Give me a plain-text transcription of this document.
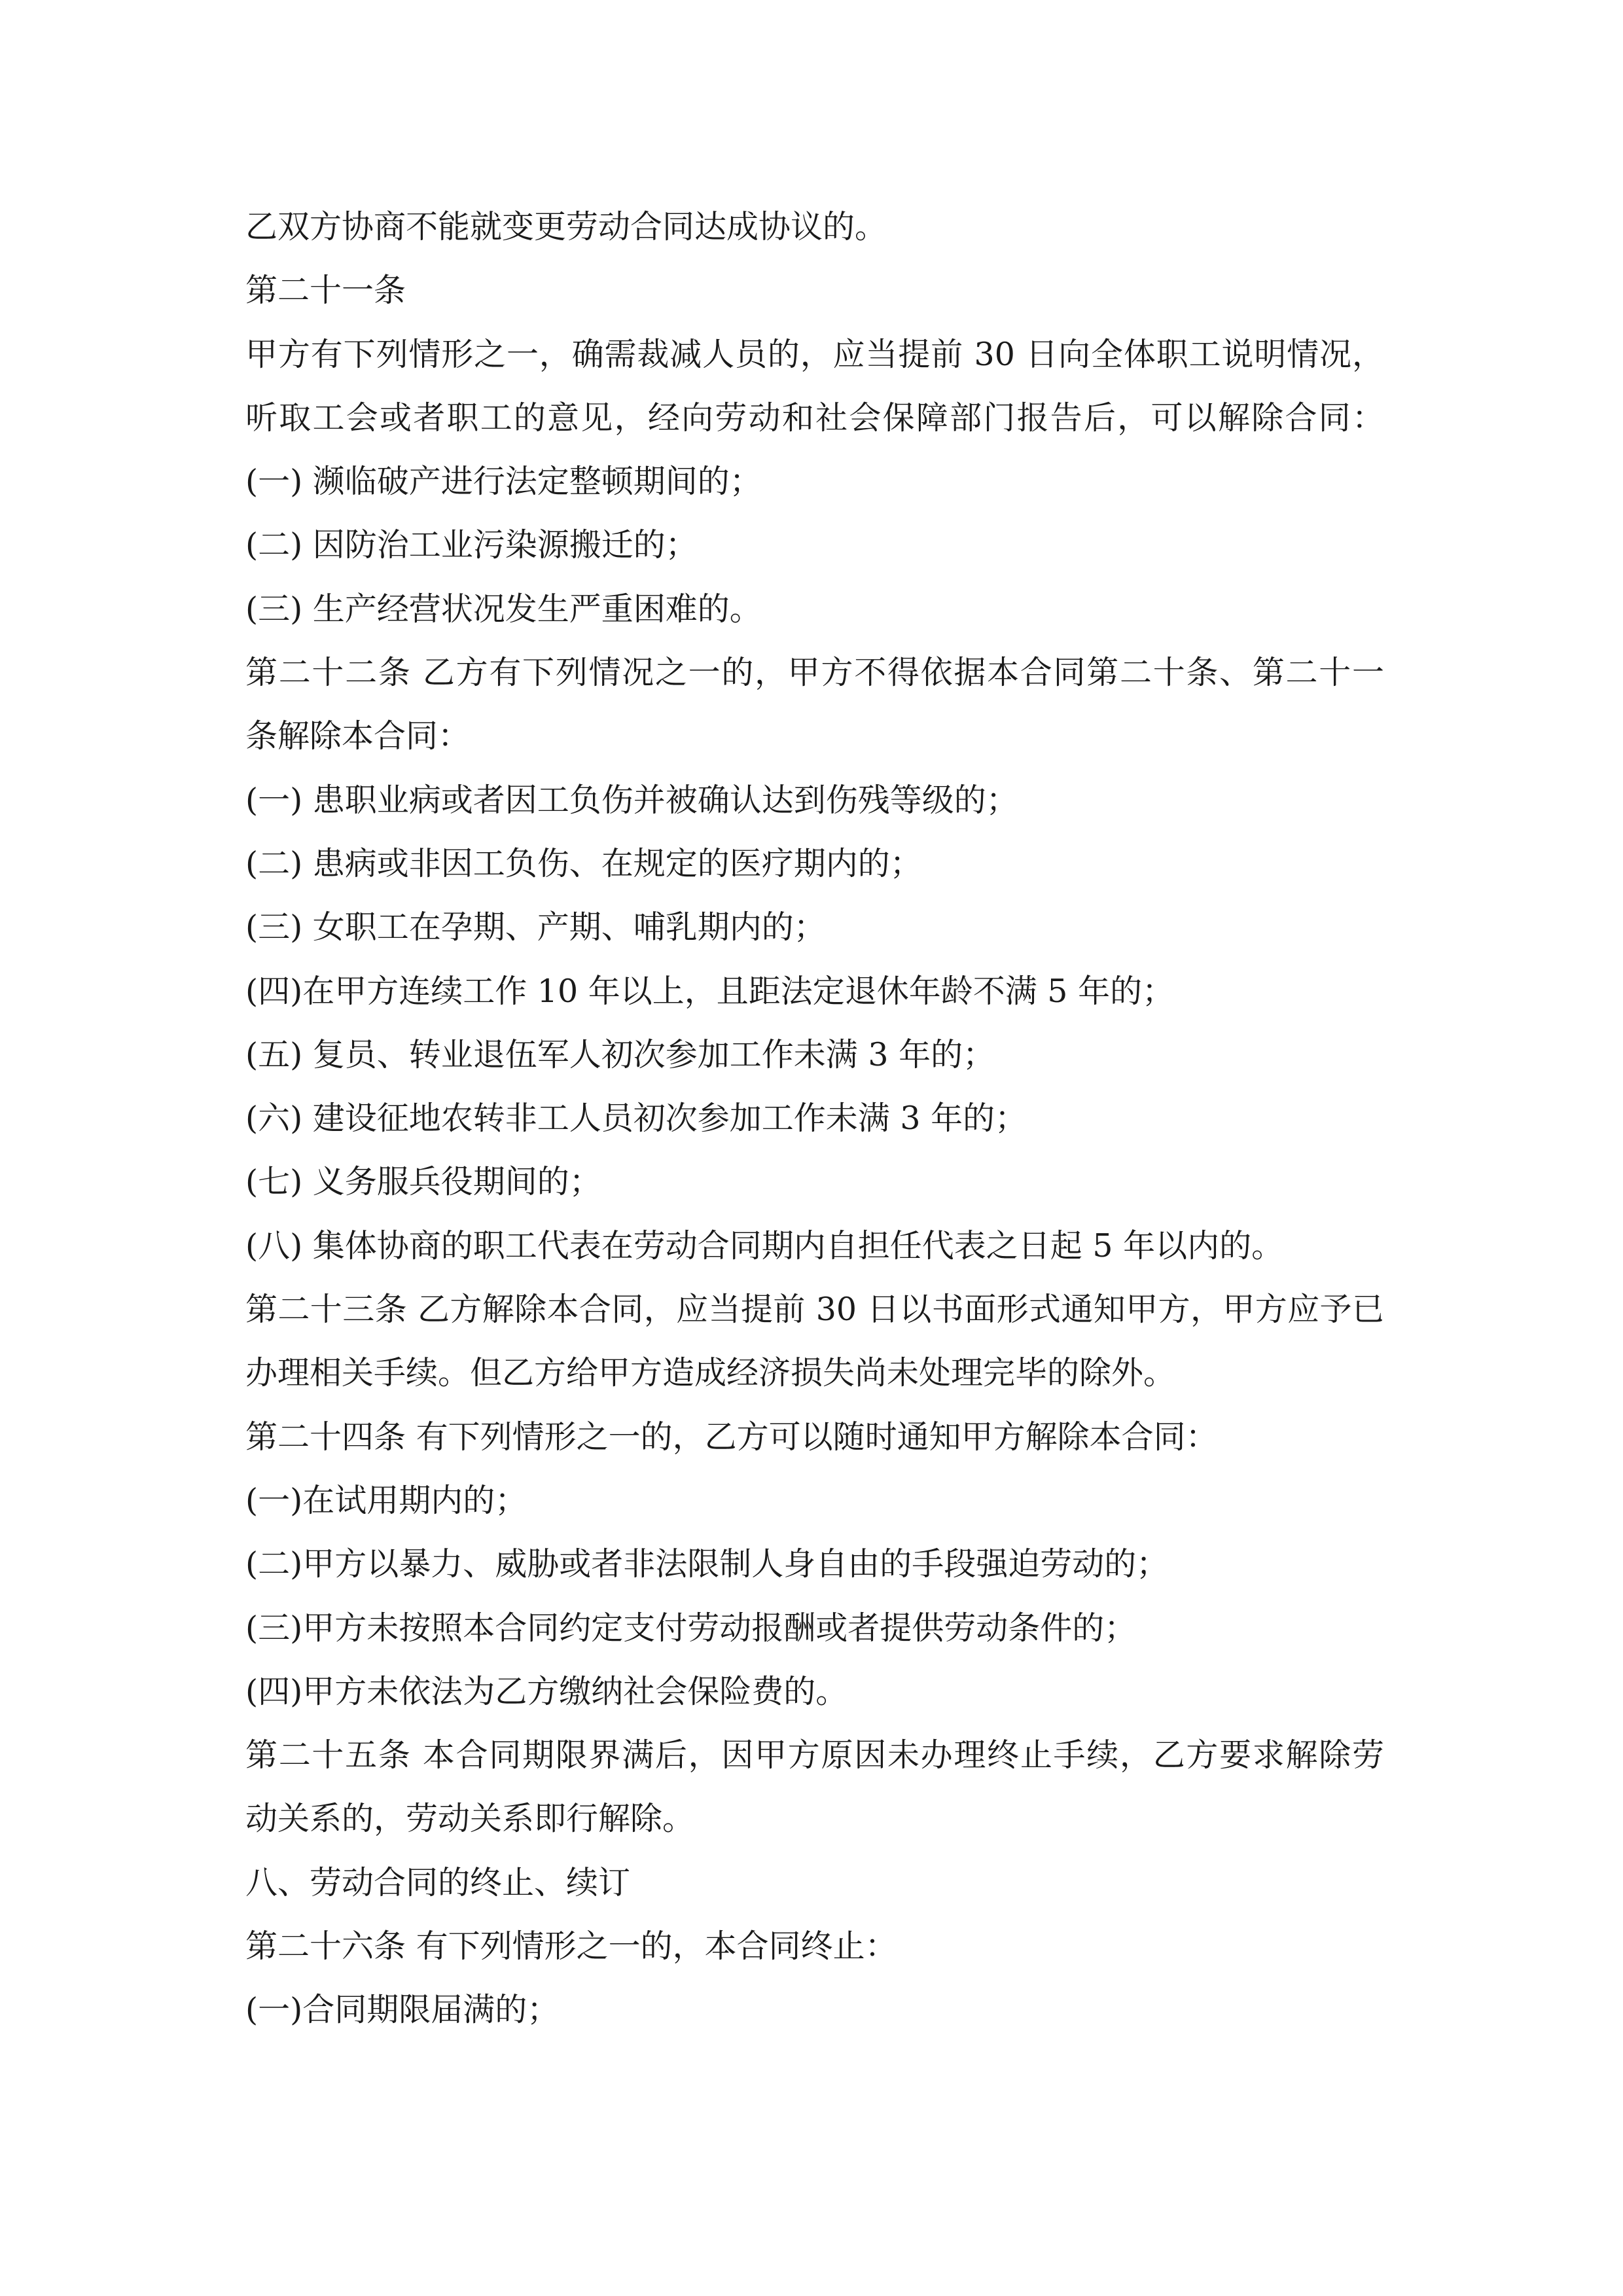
乙双方协商不能就变更劳动合同达成协议的。
第二十一条
甲方有下列情形之一，确需裁减人员的，应当提前 30 日向全体职工说明情况，
听取工会或者职工的意见，经向劳动和社会保障部门报告后，可以解除合同：
(一) 濒临破产进行法定整顿期间的；
(二) 因防治工业污染源搬迁的；
(三) 生产经营状况发生严重困难的。
第二十二条 乙方有下列情况之一的，甲方不得依据本合同第二十条、第二十一
条解除本合同：
(一) 患职业病或者因工负伤并被确认达到伤残等级的；
(二) 患病或非因工负伤、在规定的医疗期内的；
(三) 女职工在孕期、产期、哺乳期内的；
(四)在甲方连续工作 10 年以上，且距法定退休年龄不满 5 年的；
(五) 复员、转业退伍军人初次参加工作未满 3 年的；
(六) 建设征地农转非工人员初次参加工作未满 3 年的；
(七) 义务服兵役期间的；
(八) 集体协商的职工代表在劳动合同期内自担任代表之日起 5 年以内的。
第二十三条 乙方解除本合同，应当提前 30 日以书面形式通知甲方，甲方应予已
办理相关手续。但乙方给甲方造成经济损失尚未处理完毕的除外。
第二十四条 有下列情形之一的，乙方可以随时通知甲方解除本合同：
(一)在试用期内的；
(二)甲方以暴力、威胁或者非法限制人身自由的手段强迫劳动的；
(三)甲方未按照本合同约定支付劳动报酬或者提供劳动条件的；
(四)甲方未依法为乙方缴纳社会保险费的。
第二十五条 本合同期限界满后，因甲方原因未办理终止手续，乙方要求解除劳
动关系的，劳动关系即行解除。
八、劳动合同的终止、续订
第二十六条 有下列情形之一的，本合同终止：
(一)合同期限届满的；
